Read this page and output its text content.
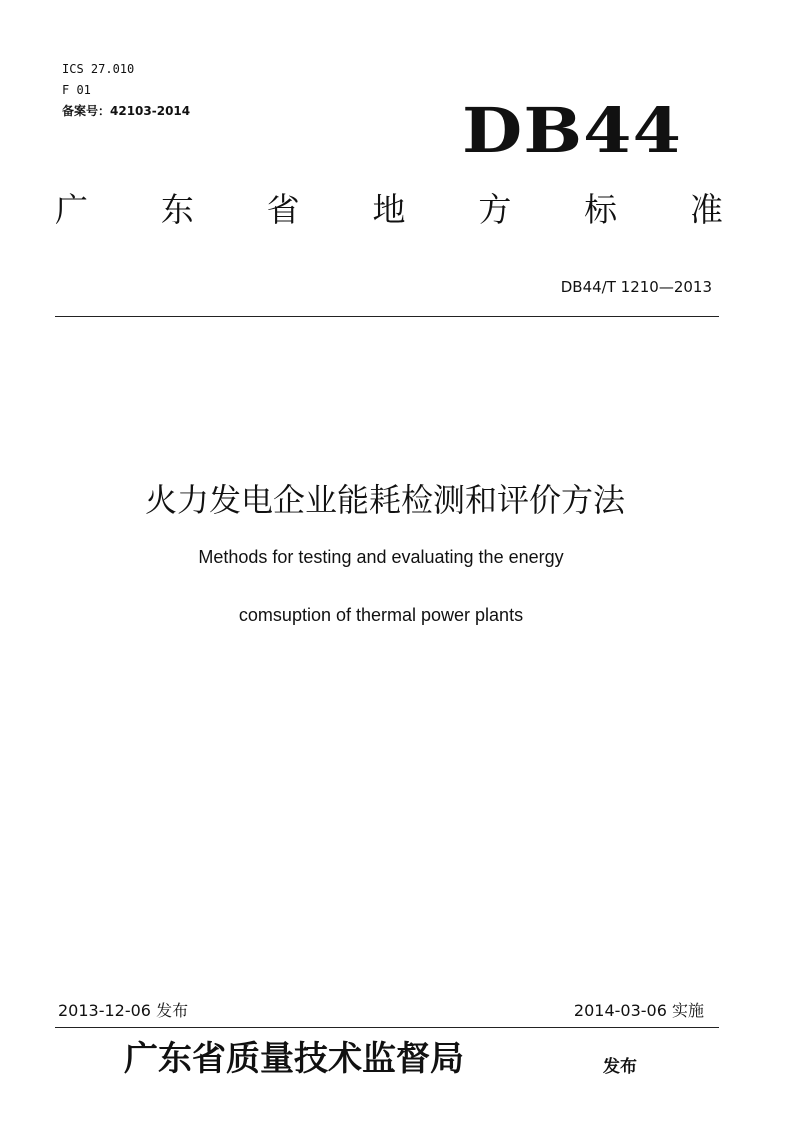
ICS 27.010
F 01
备案号：42103-2014	DB44
广 东 省 地 方 标 准
DB44/T 1210—2013
火力发电企业能耗检测和评价方法
Methods for testing and evaluating the energy
comsuption of thermal power plants
2013-12-06 发布	2014-03-06 实施
广东省质量技术监督局	发布
